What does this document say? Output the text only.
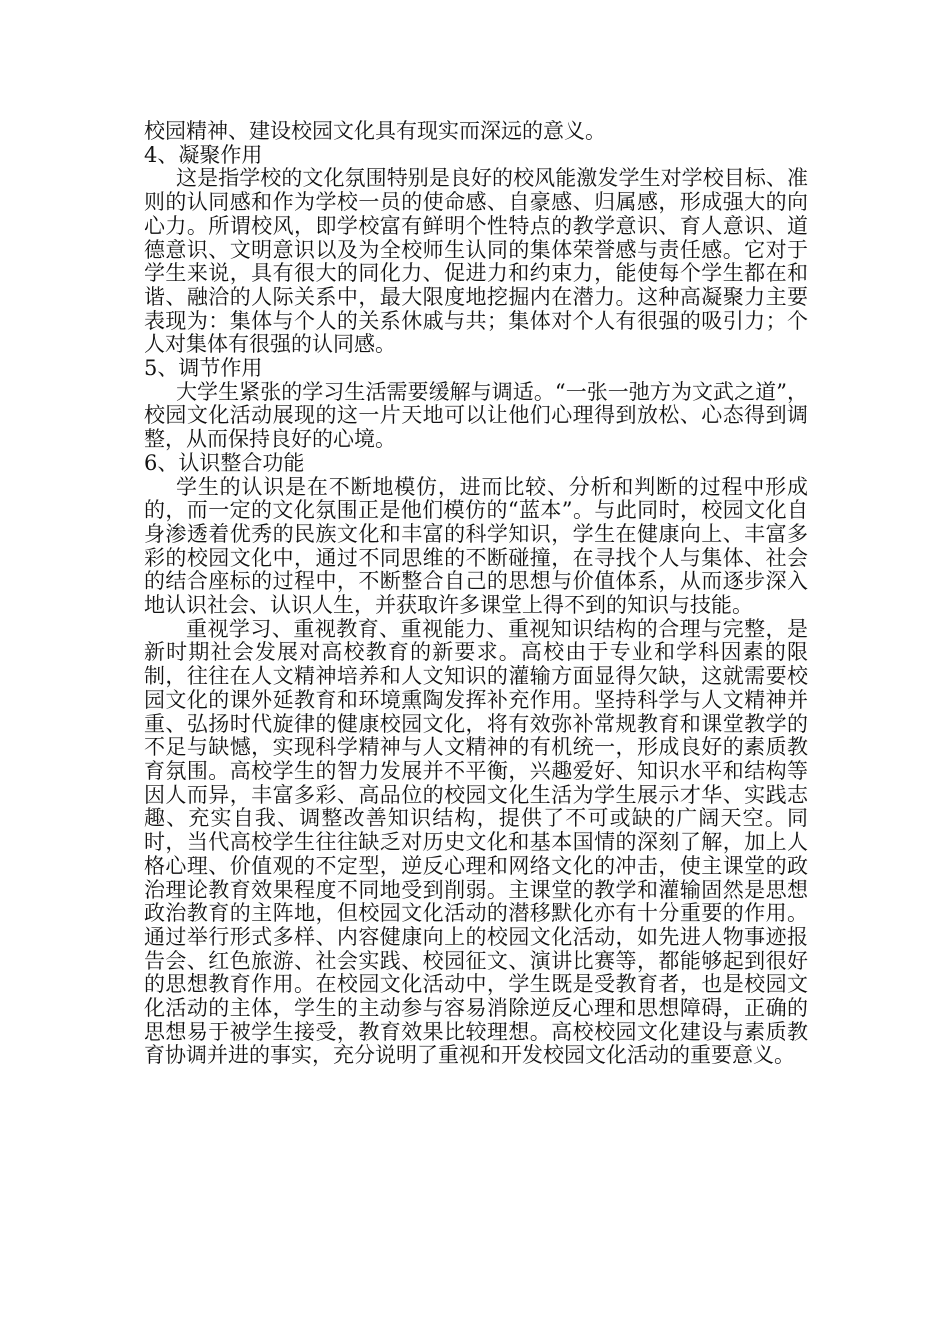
校园精神、建设校园文化具有现实而深远的意义。

4、凝聚作用

这是指学校的文化氛围特别是良好的校风能激发学生对学校目标、准则的认同感和作为学校一员的使命感、自豪感、归属感，形成强大的向心力。所谓校风，即学校富有鲜明个性特点的教学意识、育人意识、道德意识、文明意识以及为全校师生认同的集体荣誉感与责任感。它对于学生来说，具有很大的同化力、促进力和约束力，能使每个学生都在和谐、融洽的人际关系中，最大限度地挖掘内在潜力。这种高凝聚力主要表现为：集体与个人的关系休戚与共；集体对个人有很强的吸引力；个人对集体有很强的认同感。

5、调节作用

大学生紧张的学习生活需要缓解与调适。“一张一弛方为文武之道”，校园文化活动展现的这一片天地可以让他们心理得到放松、心态得到调整，从而保持良好的心境。

6、认识整合功能

学生的认识是在不断地模仿，进而比较、分析和判断的过程中形成的，而一定的文化氛围正是他们模仿的“蓝本”。与此同时，校园文化自身渗透着优秀的民族文化和丰富的科学知识，学生在健康向上、丰富多彩的校园文化中，通过不同思维的不断碰撞，在寻找个人与集体、社会的结合座标的过程中，不断整合自己的思想与价值体系，从而逐步深入地认识社会、认识人生，并获取许多课堂上得不到的知识与技能。

重视学习、重视教育、重视能力、重视知识结构的合理与完整，是新时期社会发展对高校教育的新要求。高校由于专业和学科因素的限制，往往在人文精神培养和人文知识的灌输方面显得欠缺，这就需要校园文化的课外延教育和环境熏陶发挥补充作用。坚持科学与人文精神并重、弘扬时代旋律的健康校园文化，将有效弥补常规教育和课堂教学的不足与缺憾，实现科学精神与人文精神的有机统一，形成良好的素质教育氛围。高校学生的智力发展并不平衡，兴趣爱好、知识水平和结构等因人而异，丰富多彩、高品位的校园文化生活为学生展示才华、实践志趣、充实自我、调整改善知识结构，提供了不可或缺的广阔天空。同时，当代高校学生往往缺乏对历史文化和基本国情的深刻了解，加上人格心理、价值观的不定型，逆反心理和网络文化的冲击，使主课堂的政治理论教育效果程度不同地受到削弱。主课堂的教学和灌输固然是思想政治教育的主阵地，但校园文化活动的潜移默化亦有十分重要的作用。通过举行形式多样、内容健康向上的校园文化活动，如先进人物事迹报告会、红色旅游、社会实践、校园征文、演讲比赛等，都能够起到很好的思想教育作用。在校园文化活动中，学生既是受教育者，也是校园文化活动的主体，学生的主动参与容易消除逆反心理和思想障碍，正确的思想易于被学生接受，教育效果比较理想。高校校园文化建设与素质教育协调并进的事实，充分说明了重视和开发校园文化活动的重要意义。
